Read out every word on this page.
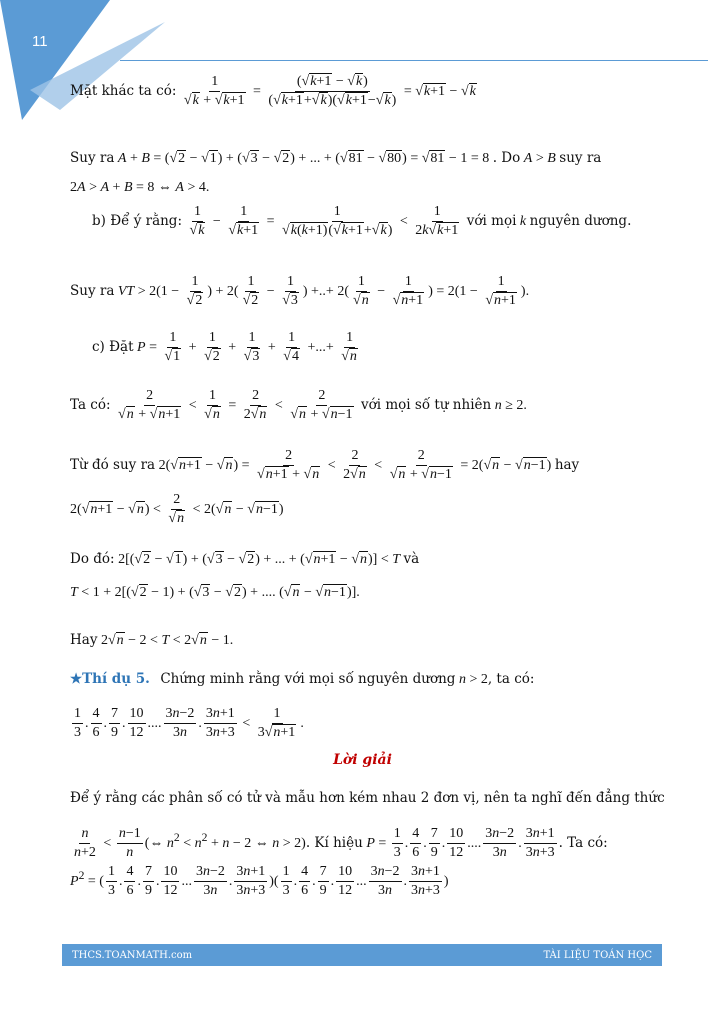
11
Mặt khác ta có: 1
√ k + √ $k+1 = \frac{( √ k+1 - √ k)}{( √ k+1+ √ k)( √ k+1- √ k)}$ = √ k+1 − √ k
Suy ra A + B = ( √ 2 − √ 1) + ( √ 3 − √ 2) + ... + ( √ 81 − √ 80) = √ 81 − 1 = 8 . Do A > B suy ra
2A > A + B = 8 ⇔ A > 4.
b) Để ý rằng: 1
√ k − 1
√ k+1 = 1
√ k(k+1)( √ k+1+ √ $k) < \frac{1}{2k √ k+1}$ với mọi k nguyên dương.
Suy ra VT > 2(1 − 1
√ 2 ) + 2( 1
√ 2 − 1
√ 3 ) +..+ 2( 1
√ n − 1
√ n+1 ) = 2(1 − 1
√ n+1 ).
c) Đặt P = 1
√ 1 + 1
√ 2 + 1
√ 3 + 1
√ 4 +...+ 1
√ n
Ta có: 2
√ n + √ n+1 < 1
√ $n = \frac{2}{2 √ n} < 2$
√ n + √ n−1 với mọi số tự nhiên n ≥ 2.
Từ đó suy ra 2( √ n+1 − √ n) = 2
√ n+1 + √ $n < \frac{2}{2 √ n} < 2$
√ n + √ n−1 = 2( √ n − √ n−1) hay
2( √ n+1 − √ n) < 2
√ n < 2( √ n − √ n−1)
Do đó: 2[( √ 2 − √ 1) + ( √ 3 − √ 2) + ... + ( √ n+1 − √ n)] < T và
T < 1 + 2[( √ 2 − 1) + ( √ 3 − √ 2) + .... ( √ n − √ n−1)].
Hay 2 √ n − 2 < T < 2 √ n − 1.
★Thí dụ 5. Chứng minh rằng với mọi số nguyên dương n > 2, ta có:
$\frac{1}{3}$ . $\frac{4}{6}$ . $\frac{7}{9}$ . $\frac{10}{12}$ .... $\frac{3n-2}{3n}$ . $\frac{3n+1}{3n+3} < \frac{1}{3 √ n+1}$ .
Lời giải
Để ý rằng các phân số có tử và mẫu hơn kém nhau 2 đơn vị, nên ta nghĩ đến đẳng thức
$\frac{n}{n+2} < \frac{n-1}{n}$ (⇔ $n^2 < n^2 + n - 2$ ⇔ n > 2). Kí hiệu $P = \frac{1}{3}$ . $\frac{4}{6}$ . $\frac{7}{9}$ . $\frac{10}{12}$ .... $\frac{3n-2}{3n}$ . $\frac{3n+1}{3n+3}$ . Ta có:
$P^2$ = ( $\frac{1}{3}$ . $\frac{4}{6}$ . $\frac{7}{9}$ . $\frac{10}{12}$ ... $\frac{3n-2}{3n}$ . $\frac{3n+1}{3n+3}$ )( $\frac{1}{3}$ . $\frac{4}{6}$ . $\frac{7}{9}$ . $\frac{10}{12}$ ... $\frac{3n-2}{3n}$ . $\frac{3n+1}{3n+3}$ )
THCS.TOANMATH.com	TÀI LIỆU TOÁN HỌC
